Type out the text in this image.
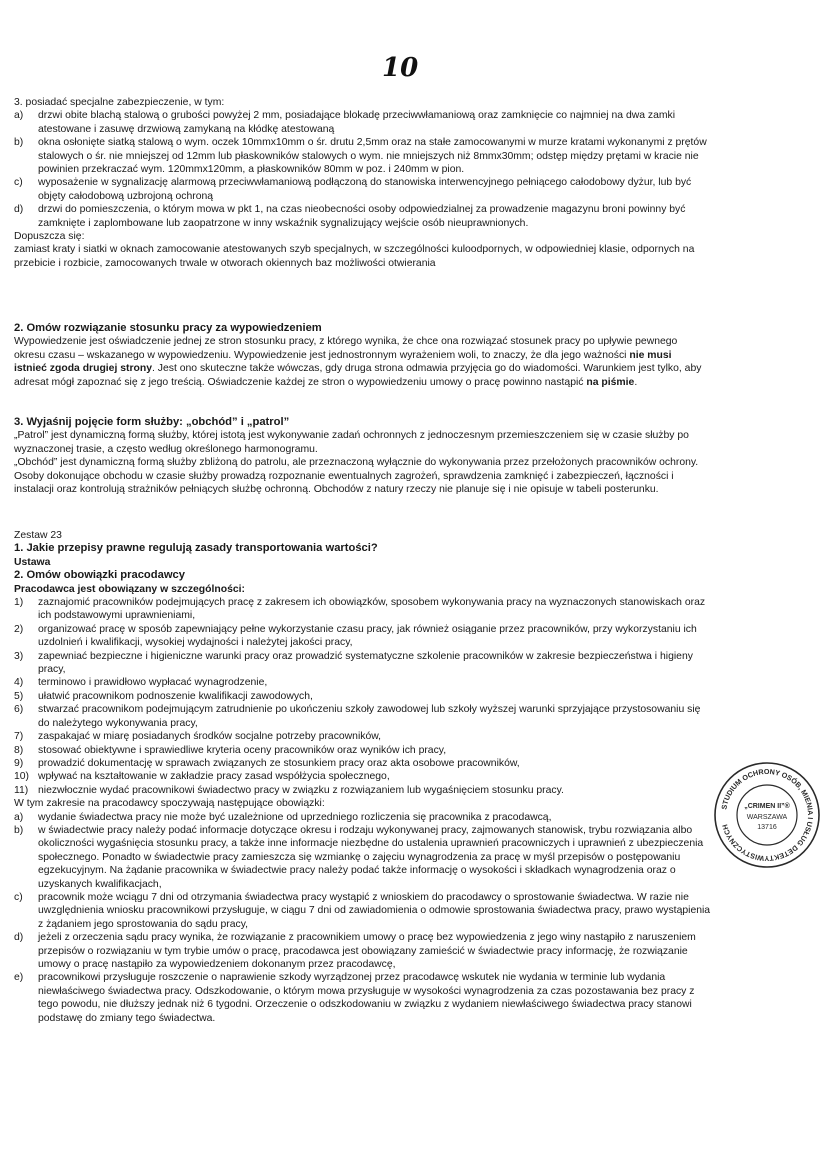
10
3. posiadać specjalne zabezpieczenie, w tym:
a) drzwi obite blachą stalową o grubości powyżej 2 mm, posiadające blokadę przeciwwłamaniową oraz zamknięcie co najmniej na dwa zamki
atestowane i zasuwę drzwiową zamykaną na kłódkę atestowaną
b) okna osłonięte siatką stalową o wym. oczek 10mmx10mm o śr. drutu 2,5mm oraz na stałe zamocowanymi w murze kratami wykonanymi z prętów
stalowych o śr. nie mniejszej od 12mm lub płaskowników stalowych o wym. nie mniejszych niż 8mmx30mm; odstęp między prętami w kracie nie
powinien przekraczać wym. 120mmx120mm, a płaskowników 80mm w poz. i 240mm w pion.
c) wyposażenie w sygnalizację alarmową przeciwwłamaniową podłączoną do stanowiska interwencyjnego pełniącego całodobowy dyżur, lub być
objęty całodobową uzbrojoną ochroną
d) drzwi do pomieszczenia, o którym mowa w pkt 1, na czas nieobecności osoby odpowiedzialnej za prowadzenie magazynu broni powinny być
zamknięte i zaplombowane lub zaopatrzone w inny wskaźnik sygnalizujący wejście osób nieuprawnionych.
Dopuszcza się:
zamiast kraty i siatki w oknach zamocowanie atestowanych szyb specjalnych, w szczególności kuloodpornych, w odpowiedniej klasie, odpornych na
przebicie i rozbicie, zamocowanych trwale w otworach okiennych baz możliwości otwierania
2. Omów rozwiązanie stosunku pracy za wypowiedzeniem
Wypowiedzenie jest oświadczenie jednej ze stron stosunku pracy, z którego wynika, że chce ona rozwiązać stosunek pracy po upływie pewnego
okresu czasu – wskazanego w wypowiedzeniu. Wypowiedzenie jest jednostronnym wyrażeniem woli, to znaczy, że dla jego ważności nie musi
istnieć zgoda drugiej strony. Jest ono skuteczne także wówczas, gdy druga strona odmawia przyjęcia go do wiadomości. Warunkiem jest tylko, aby
adresat mógł zapoznać się z jego treścią. Oświadczenie każdej ze stron o wypowiedzeniu umowy o pracę powinno nastąpić na piśmie.
3. Wyjaśnij pojęcie form służby: „obchód” i „patrol”
„Patrol” jest dynamiczną formą służby, której istotą jest wykonywanie zadań ochronnych z jednoczesnym przemieszczeniem się w czasie służby po
wyznaczonej trasie, a często według określonego harmonogramu.
„Obchód” jest dynamiczną formą służby zbliżoną do patrolu, ale przeznaczoną wyłącznie do wykonywania przez przełożonych pracowników ochrony.
Osoby dokonujące obchodu w czasie służby prowadzą rozpoznanie ewentualnych zagrożeń, sprawdzenia zamknięć i zabezpieczeń, łączności i
instalacji oraz kontrolują strażników pełniących służbę ochronną. Obchodów z natury rzeczy nie planuje się i nie opisuje w tabeli posterunku.
Zestaw 23
1. Jakie przepisy prawne regulują zasady transportowania wartości?
Ustawa
2. Omów obowiązki pracodawcy
Pracodawca jest obowiązany w szczególności:
1) zaznajomić pracowników podejmujących pracę z zakresem ich obowiązków, sposobem wykonywania pracy na wyznaczonych stanowiskach oraz
ich podstawowymi uprawnieniami,
2) organizować pracę w sposób zapewniający pełne wykorzystanie czasu pracy, jak również osiąganie przez pracowników, przy wykorzystaniu ich
uzdolnień i kwalifikacji, wysokiej wydajności i należytej jakości pracy,
3) zapewniać bezpieczne i higieniczne warunki pracy oraz prowadzić systematyczne szkolenie pracowników w zakresie bezpieczeństwa i higieny
pracy,
4) terminowo i prawidłowo wypłacać wynagrodzenie,
5) ułatwić pracownikom podnoszenie kwalifikacji zawodowych,
6) stwarzać pracownikom podejmującym zatrudnienie po ukończeniu szkoły zawodowej lub szkoły wyższej warunki sprzyjające przystosowaniu się
do należytego wykonywania pracy,
7) zaspakajać w miarę posiadanych środków socjalne potrzeby pracowników,
8) stosować obiektywne i sprawiedliwe kryteria oceny pracowników oraz wyników ich pracy,
9) prowadzić dokumentację w sprawach związanych ze stosunkiem pracy oraz akta osobowe pracowników,
10) wpływać na kształtowanie w zakładzie pracy zasad współżycia społecznego,
11) niezwłocznie wydać pracownikowi świadectwo pracy w związku z rozwiązaniem lub wygaśnięciem stosunku pracy.
W tym zakresie na pracodawcy spoczywają następujące obowiązki:
a) wydanie świadectwa pracy nie może być uzależnione od uprzedniego rozliczenia się pracownika z pracodawcą,
b) w świadectwie pracy należy podać informacje dotyczące okresu i rodzaju wykonywanej pracy, zajmowanych stanowisk, trybu rozwiązania albo
okoliczności wygaśnięcia stosunku pracy, a także inne informacje niezbędne do ustalenia uprawnień pracowniczych i uprawnień z ubezpieczenia
społecznego. Ponadto w świadectwie pracy zamieszcza się wzmiankę o zajęciu wynagrodzenia za pracę w myśl przepisów o postępowaniu
egzekucyjnym. Na żądanie pracownika w świadectwie pracy należy podać także informację o wysokości i składkach wynagrodzenia oraz o
uzyskanych kwalifikacjach,
c) pracownik może wciągu 7 dni od otrzymania świadectwa pracy wystąpić z wnioskiem do pracodawcy o sprostowanie świadectwa. W razie nie
uwzględnienia wniosku pracownikowi przysługuje, w ciągu 7 dni od zawiadomienia o odmowie sprostowania świadectwa pracy, prawo wystąpienia
z żądaniem jego sprostowania do sądu pracy,
d) jeżeli z orzeczenia sądu pracy wynika, że rozwiązanie z pracownikiem umowy o pracę bez wypowiedzenia z jego winy nastąpiło z naruszeniem
przepisów o rozwiązaniu w tym trybie umów o pracę, pracodawca jest obowiązany zamieścić w świadectwie pracy informację, że rozwiązanie
umowy o pracę nastąpiło za wypowiedzeniem dokonanym przez pracodawcę,
e) pracownikowi przysługuje roszczenie o naprawienie szkody wyrządzonej przez pracodawcę wskutek nie wydania w terminie lub wydania
niewłaściwego świadectwa pracy. Odszkodowanie, o którym mowa przysługuje w wysokości wynagrodzenia za czas pozostawania bez pracy z
tego powodu, nie dłuższy jednak niż 6 tygodni. Orzeczenie o odszkodowaniu w związku z wydaniem niewłaściwego świadectwa pracy stanowi
podstawę do zmiany tego świadectwa.
STUDIUM OCHRONY OSÓB, MIENIA I USŁUG DETEKTYWISTYCZNYCH
„CRIMEN II”®
WARSZAWA
13716
